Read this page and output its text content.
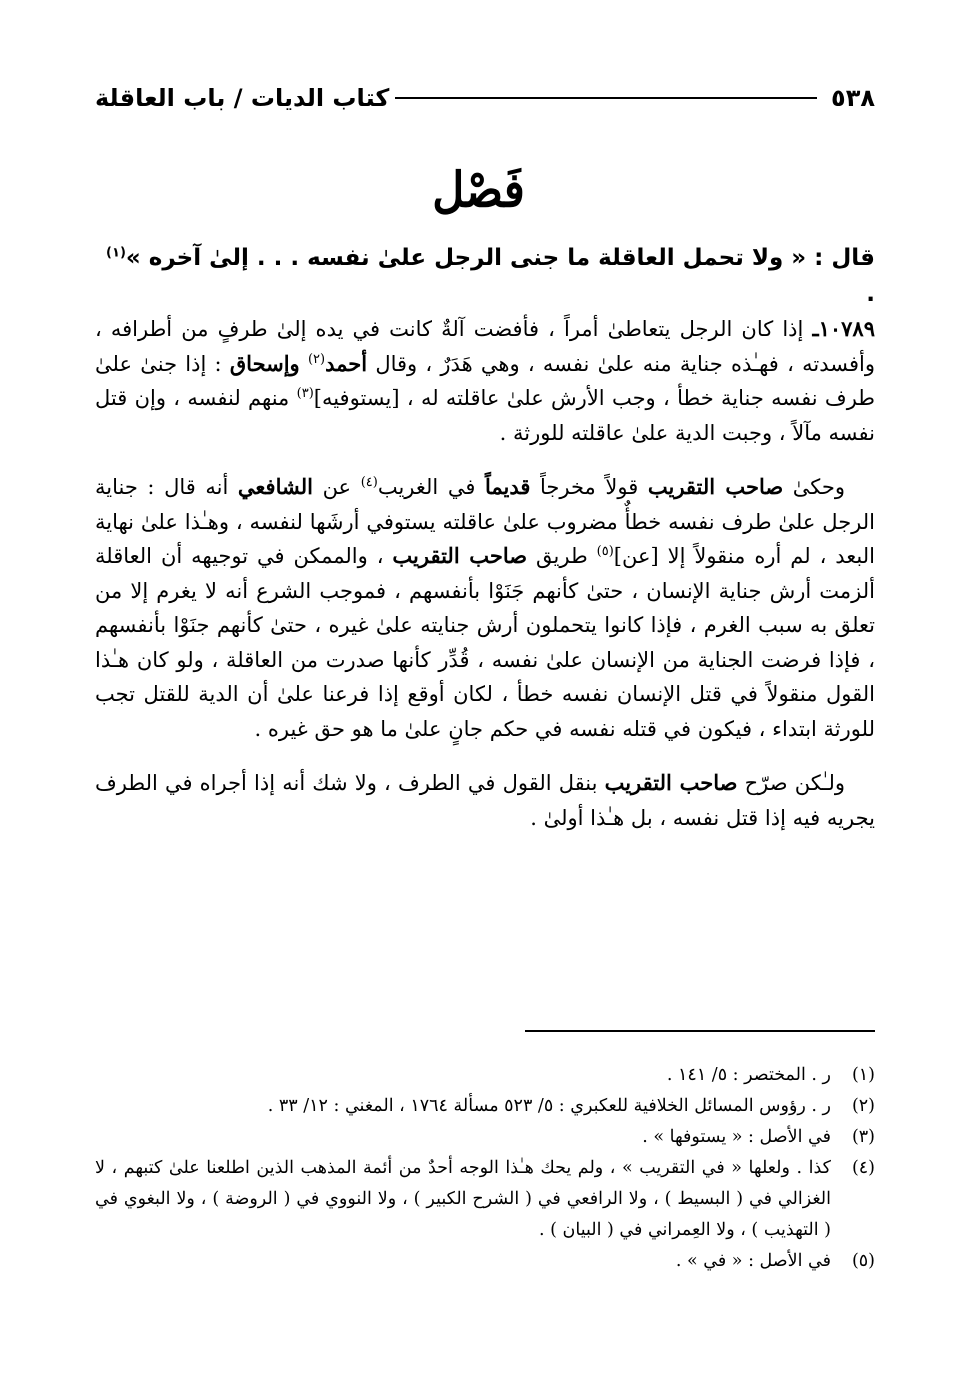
٥٣٨
كتاب الديات / باب العاقلة
فَصْل
قال : « ولا تحمل العاقلة ما جنى الرجل علىٰ نفسه . . . إلىٰ آخره »$^{(١)}$ .

١٠٧٨٩ـ إذا كان الرجل يتعاطىٰ أمراً ، فأفضت آلةٌ كانت في يده إلىٰ طرفٍ من أطرافه ، وأفسدته ، فهـٰذه جناية منه علىٰ نفسه ، وهي هَدَرٌ ، وقال أحمد$^{(٢)}$ وإسحاق : إذا جنىٰ علىٰ طرف نفسه جناية خطأ ، وجب الأرش علىٰ عاقلته له ، [يستوفيه]$^{(٣)}$ منهم لنفسه ، وإن قتل نفسه مآلاً ، وجبت الدية علىٰ عاقلته للورثة .

وحكىٰ صاحب التقريب قولاً مخرجاً قديماً في الغريب$^{(٤)}$ عن الشافعي أنه قال : جناية الرجل علىٰ طرف نفسه خطأٌ مضروب علىٰ عاقلته يستوفي أرشَها لنفسه ، وهـٰذا علىٰ نهاية البعد ، لم أره منقولاً إلا [عن]$^{(٥)}$ طريق صاحب التقريب ، والممكن في توجيهه أن العاقلة ألزمت أرش جناية الإنسان ، حتىٰ كأنهم جَنَوْا بأنفسهم ، فموجب الشرع أنه لا يغرم إلا من تعلق به سبب الغرم ، فإذا كانوا يتحملون أرش جنايته علىٰ غيره ، حتىٰ كأنهم جنَوْا بأنفسهم ، فإذا فرضت الجناية من الإنسان علىٰ نفسه ، قُدِّر كأنها صدرت من العاقلة ، ولو كان هـٰذا القول منقولاً في قتل الإنسان نفسه خطأ ، لكان أوقع إذا فرعنا علىٰ أن الدية للقتل تجب للورثة ابتداء ، فيكون في قتله نفسه في حكم جانٍ علىٰ ما هو حق غيره .

ولـٰكن صرّح صاحب التقريب بنقل القول في الطرف ، ولا شك أنه إذا أجراه في الطرف يجريه فيه إذا قتل نفسه ، بل هـٰذا أولىٰ .

(١)
ر . المختصر : ٥/ ١٤١ .
(٢)
ر . رؤوس المسائل الخلافية للعكبري : ٥/ ٥٢٣ مسألة ١٧٦٤ ، المغني : ١٢/ ٣٣ .
(٣)
في الأصل : « يستوفها » .
(٤)
كذا . ولعلها « في التقريب » ، ولم يحك هـٰذا الوجه أحدٌ من أئمة المذهب الذين اطلعنا علىٰ كتبهم ، لا الغزالي في ( البسيط ) ، ولا الرافعي في ( الشرح الكبير ) ، ولا النووي في ( الروضة ) ، ولا البغوي في ( التهذيب ) ، ولا العِمراني في ( البيان ) .
(٥)
في الأصل : « في » .
